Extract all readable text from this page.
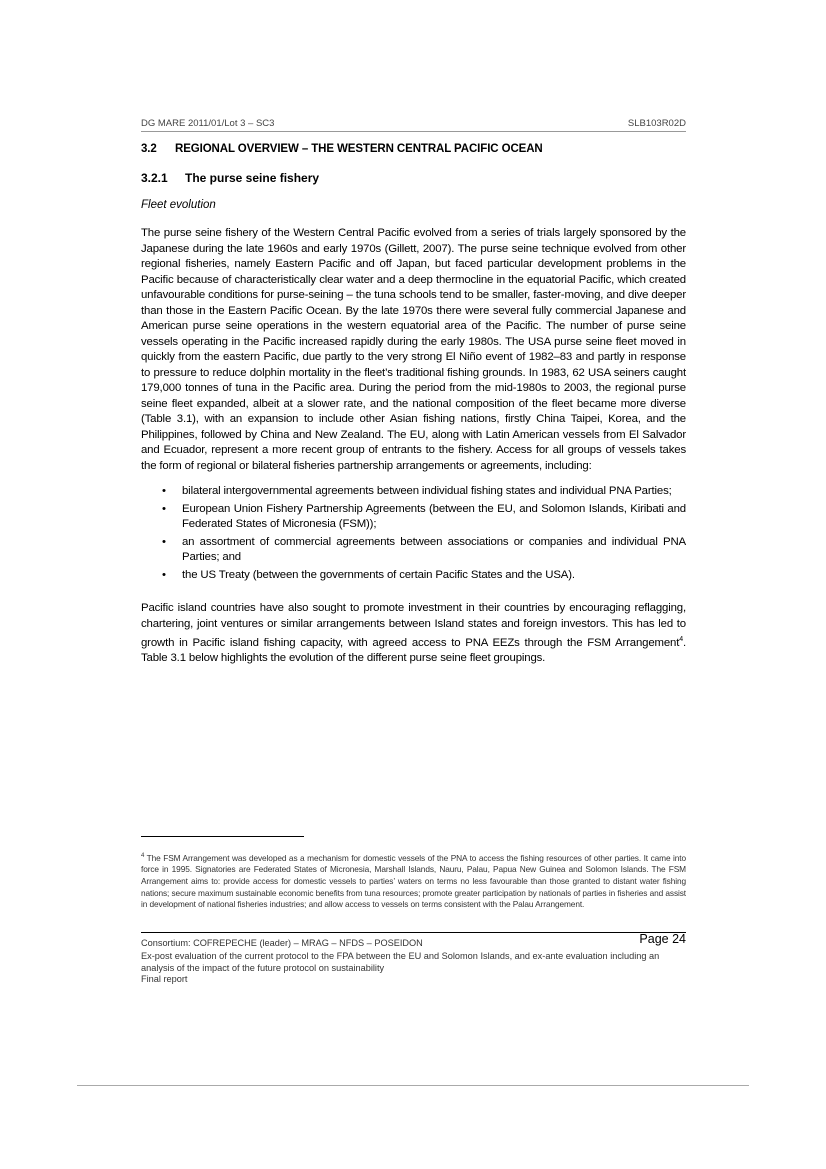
DG MARE 2011/01/Lot 3 – SC3	SLB103R02D
3.2 REGIONAL OVERVIEW – THE WESTERN CENTRAL PACIFIC OCEAN
3.2.1 The purse seine fishery
Fleet evolution

The purse seine fishery of the Western Central Pacific evolved from a series of trials largely sponsored by the Japanese during the late 1960s and early 1970s (Gillett, 2007). The purse seine technique evolved from other regional fisheries, namely Eastern Pacific and off Japan, but faced particular development problems in the Pacific because of characteristically clear water and a deep thermocline in the equatorial Pacific, which created unfavourable conditions for purse-seining – the tuna schools tend to be smaller, faster-moving, and dive deeper than those in the Eastern Pacific Ocean. By the late 1970s there were several fully commercial Japanese and American purse seine operations in the western equatorial area of the Pacific. The number of purse seine vessels operating in the Pacific increased rapidly during the early 1980s. The USA purse seine fleet moved in quickly from the eastern Pacific, due partly to the very strong El Niño event of 1982–83 and partly in response to pressure to reduce dolphin mortality in the fleet’s traditional fishing grounds. In 1983, 62 USA seiners caught 179,000 tonnes of tuna in the Pacific area. During the period from the mid-1980s to 2003, the regional purse seine fleet expanded, albeit at a slower rate, and the national composition of the fleet became more diverse (Table 3.1), with an expansion to include other Asian fishing nations, firstly China Taipei, Korea, and the Philippines, followed by China and New Zealand. The EU, along with Latin American vessels from El Salvador and Ecuador, represent a more recent group of entrants to the fishery. Access for all groups of vessels takes the form of regional or bilateral fisheries partnership arrangements or agreements, including:

• bilateral intergovernmental agreements between individual fishing states and individual PNA Parties;
• European Union Fishery Partnership Agreements (between the EU, and Solomon Islands, Kiribati and Federated States of Micronesia (FSM));
• an assortment of commercial agreements between associations or companies and individual PNA Parties; and
• the US Treaty (between the governments of certain Pacific States and the USA).

Pacific island countries have also sought to promote investment in their countries by encouraging reflagging, chartering, joint ventures or similar arrangements between Island states and foreign investors. This has led to growth in Pacific island fishing capacity, with agreed access to PNA EEZs through the FSM Arrangement$^4$. Table 3.1 below highlights the evolution of the different purse seine fleet groupings.

$^4$ The FSM Arrangement was developed as a mechanism for domestic vessels of the PNA to access the fishing resources of other parties. It came into force in 1995. Signatories are Federated States of Micronesia, Marshall Islands, Nauru, Palau, Papua New Guinea and Solomon Islands. The FSM Arrangement aims to: provide access for domestic vessels to parties’ waters on terms no less favourable than those granted to distant water fishing nations; secure maximum sustainable economic benefits from tuna resources; promote greater participation by nationals of parties in fisheries and assist in development of national fisheries industries; and allow access to vessels on terms consistent with the Palau Arrangement.
Consortium: COFREPECHE (leader) – MRAG – NFDS – POSEIDON	Page 24
Ex-post evaluation of the current protocol to the FPA between the EU and Solomon Islands, and ex-ante evaluation including an analysis of the impact of the future protocol on sustainability
Final report
